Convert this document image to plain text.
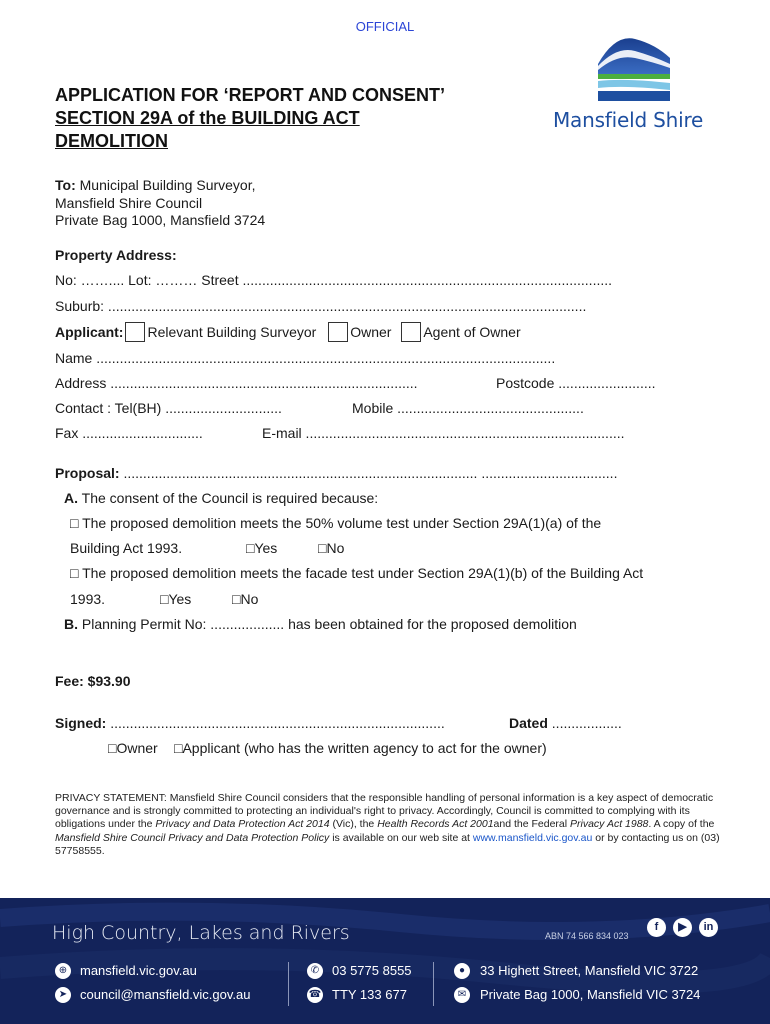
OFFICIAL
APPLICATION FOR ‘REPORT AND CONSENT’
SECTION 29A of the BUILDING ACT
DEMOLITION
Mansfield Shire
To: Municipal Building Surveyor,
Mansfield Shire Council
Private Bag 1000, Mansfield 3724
Property Address:
No: …….... Lot: ……… Street ...............................................................................................
Suburb: ...........................................................................................................................
Applicant: Relevant Building Surveyor Owner Agent of Owner
Name ......................................................................................................................
Address ...............................................................................	Postcode .........................
Contact : Tel(BH) ..............................	Mobile ................................................
Fax ...............................	E-mail ..................................................................................
Proposal: ........................................................................................... ...................................
A. The consent of the Council is required because:
□ The proposed demolition meets the 50% volume test under Section 29A(1)(a) of the
Building Act 1993.	□Yes	□No
□ The proposed demolition meets the facade test under Section 29A(1)(b) of the Building Act
1993.	□Yes	□No
B. Planning Permit No: ................... has been obtained for the proposed demolition
Fee: $93.90
Signed: ......................................................................................	Dated ..................
□Owner □Applicant (who has the written agency to act for the owner)
PRIVACY STATEMENT: Mansfield Shire Council considers that the responsible handling of personal information is a key aspect of democratic governance and is strongly committed to protecting an individual's right to privacy. Accordingly, Council is committed to complying with its obligations under the Privacy and Data Protection Act 2014 (Vic), the Health Records Act 2001and the Federal Privacy Act 1988. A copy of the Mansfield Shire Council Privacy and Data Protection Policy is available on our web site at www.mansfield.vic.gov.au or by contacting us on (03) 57758555.
High Country, Lakes and Rivers	ABN 74 566 834 023
f	▶	in
⊕ mansfield.vic.gov.au
➤ council@mansfield.vic.gov.au
✆ 03 5775 8555
☎ TTY 133 677
●	33 Highett Street, Mansfield VIC 3722
✉ Private Bag 1000, Mansfield VIC 3724
